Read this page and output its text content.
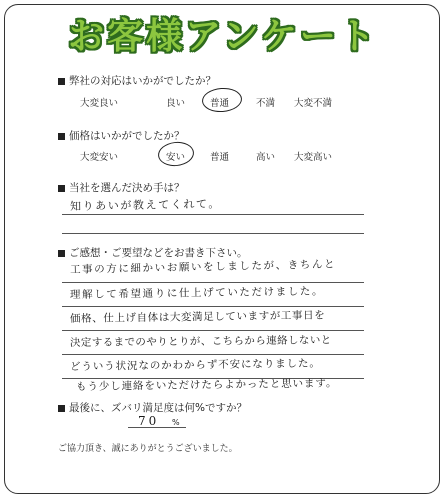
お客様アンケート
弊社の対応はいかがでしたか？
大変良い	良い	普通	不満 大変不満
価格はいかがでしたか？
大変安い	安い	普通	高い 大変高い
当社を選んだ決め手は？
知りあいが教えてくれて。
ご感想・ご要望などをお書き下さい。
工事の方に細かいお願いをしましたが、きちんと
理解して希望通りに仕上げていただけました。
価格、仕上げ自体は大変満足していますが工事日を
決定するまでのやりとりが、こちらから連絡しないと
どういう状況なのかわからず不安になりました。
もう少し連絡をいただけたらよかったと思います。
最後に、ズバリ満足度は何%ですか？
70 %
ご協力頂き、誠にありがとうございました。
